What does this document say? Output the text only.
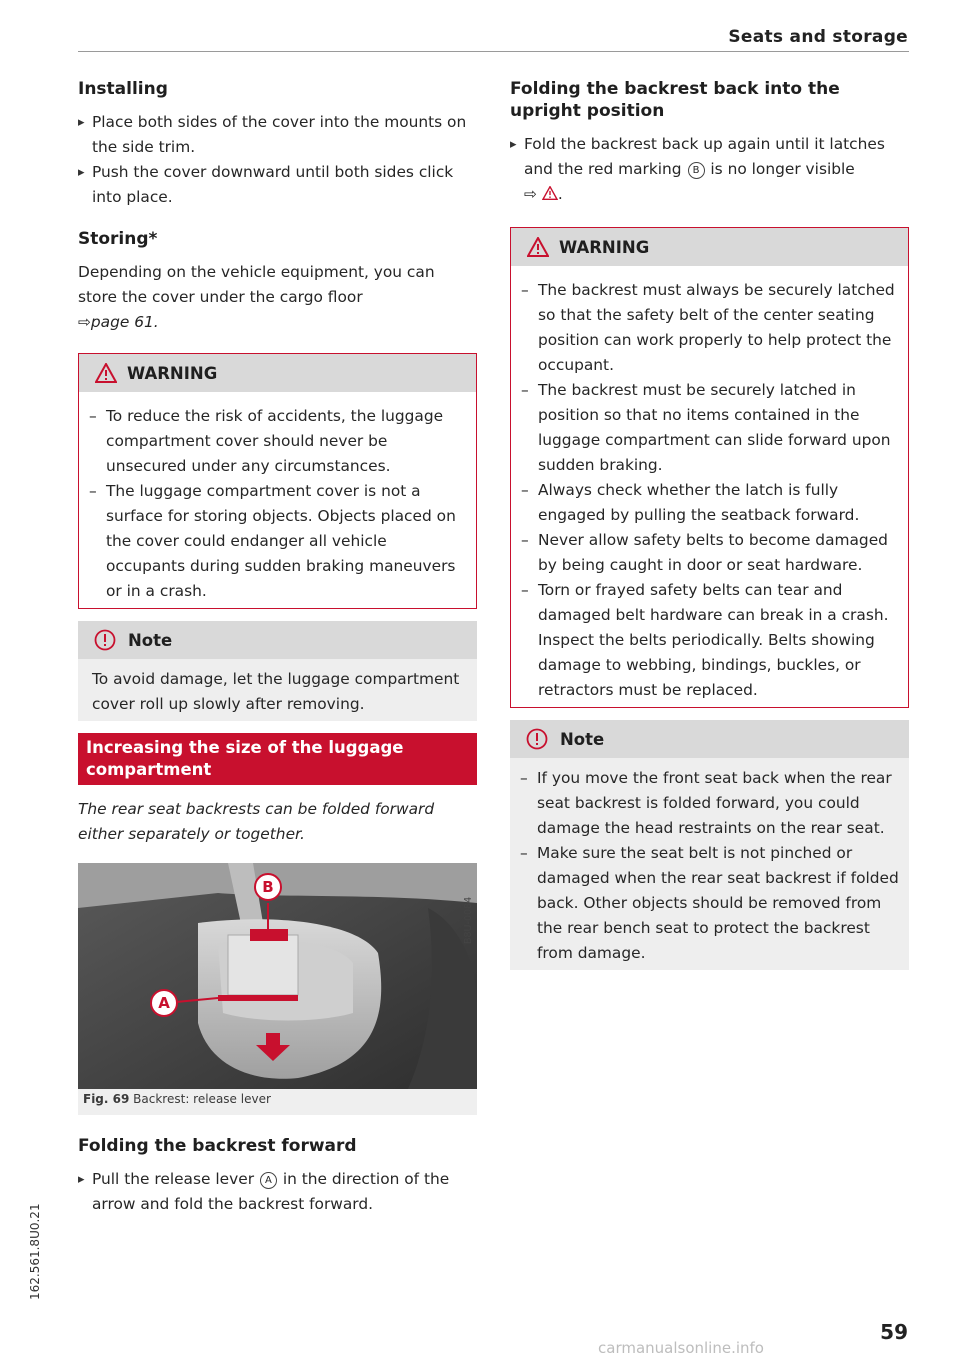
Seats and storage
Installing
▸ Place both sides of the cover into the mounts on the side trim.
▸ Push the cover downward until both sides click into place.
Storing*

Depending on the vehicle equipment, you can store the cover under the cargo floor
⇨page 61.

WARNING
– To reduce the risk of accidents, the luggage compartment cover should never be unsecured under any circumstances.
– The luggage compartment cover is not a surface for storing objects. Objects placed on the cover could endanger all vehicle occupants during sudden braking maneuvers or in a crash.
Note

To avoid damage, let the luggage compartment cover roll up slowly after removing.

Increasing the size of the luggage compartment

The rear seat backrests can be folded forward either separately or together.

B
A
Fig. 69 Backrest: release lever
Folding the backrest forward
▸ Pull the release lever A in the direction of the arrow and fold the backrest forward.
B8U-0084
Folding the backrest back into the upright position
▸ Fold the backrest back up again until it latches and the red marking B is no longer visible
⇨ .
WARNING
– The backrest must always be securely latched so that the safety belt of the center seating position can work properly to help protect the occupant.
– The backrest must be securely latched in position so that no items contained in the luggage compartment can slide forward upon sudden braking.
– Always check whether the latch is fully engaged by pulling the seatback forward.
– Never allow safety belts to become damaged by being caught in door or seat hardware.
– Torn or frayed safety belts can tear and damaged belt hardware can break in a crash. Inspect the belts periodically. Belts showing damage to webbing, bindings, buckles, or retractors must be replaced.
Note
– If you move the front seat back when the rear seat backrest is folded forward, you could damage the head restraints on the rear seat.
– Make sure the seat belt is not pinched or damaged when the rear seat backrest if folded back. Other objects should be removed from the rear bench seat to protect the backrest from damage.
162.561.8U0.21
59
carmanualsonline.info
